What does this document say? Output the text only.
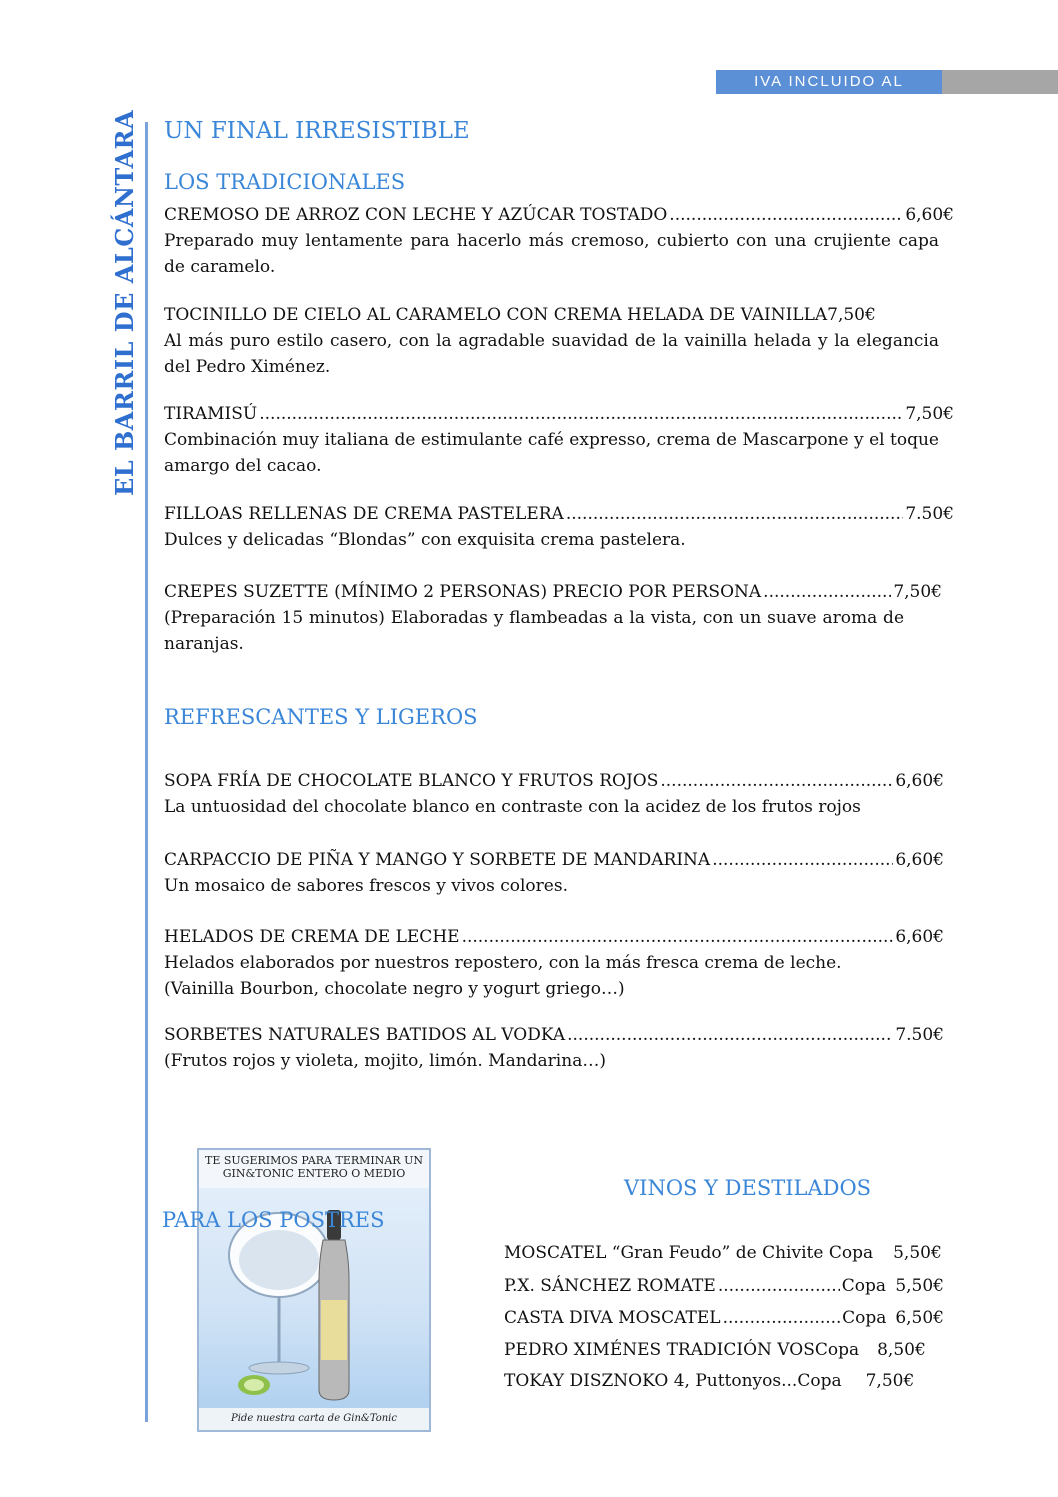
IVA INCLUIDO AL
EL BARRIL DE ALCÁNTARA UN FINAL IRRESISTIBLE
LOS TRADICIONALES
CREMOSO DE ARROZ CON LECHE Y AZÚCAR TOSTADO .....	6,60€
Preparado muy lentamente para hacerlo más cremoso, cubierto con una crujiente capa de caramelo.
TOCINILLO DE CIELO AL CARAMELO CON CREMA HELADA DE VAINILLA 7,50€
Al más puro estilo casero, con la agradable suavidad de la vainilla helada y la elegancia del Pedro Ximénez.
TIRAMISÚ .....	7,50€
Combinación muy italiana de estimulante café expresso, crema de Mascarpone y el toque amargo del cacao.
FILLOAS RELLENAS DE CREMA PASTELERA .....	7.50€
Dulces y delicadas “Blondas” con exquisita crema pastelera.
CREPES SUZETTE (MÍNIMO 2 PERSONAS) PRECIO POR PERSONA .....	7,50€
(Preparación 15 minutos) Elaboradas y flambeadas a la vista, con un suave aroma de naranjas.
REFRESCANTES Y LIGEROS
SOPA FRÍA DE CHOCOLATE BLANCO Y FRUTOS ROJOS .....	6,60€
La untuosidad del chocolate blanco en contraste con la acidez de los frutos rojos
CARPACCIO DE PIÑA Y MANGO Y SORBETE DE MANDARINA .....	6,60€
Un mosaico de sabores frescos y vivos colores.
HELADOS DE CREMA DE LECHE .....	6,60€
Helados elaborados por nuestros repostero, con la más fresca crema de leche.
(Vainilla Bourbon, chocolate negro y yogurt griego…)
SORBETES NATURALES BATIDOS AL VODKA .....	7.50€
(Frutos rojos y violeta, mojito, limón. Mandarina…)
TE SUGERIMOS PARA TERMINAR UN
GIN&TONIC ENTERO O MEDIO
Pide nuestra carta de Gin&Tonic
PARA LOS POSTRES
VINOS Y DESTILADOS
MOSCATEL “Gran Feudo” de Chivite Copa 5,50€
P.X. SÁNCHEZ ROMATE .....	Copa 5,50€
CASTA DIVA MOSCATEL .....	Copa 6,50€
PEDRO XIMÉNES TRADICIÓN VOSCopa 8,50€
TOKAY DISZNOKO 4, Puttonyos... Copa 7,50€
